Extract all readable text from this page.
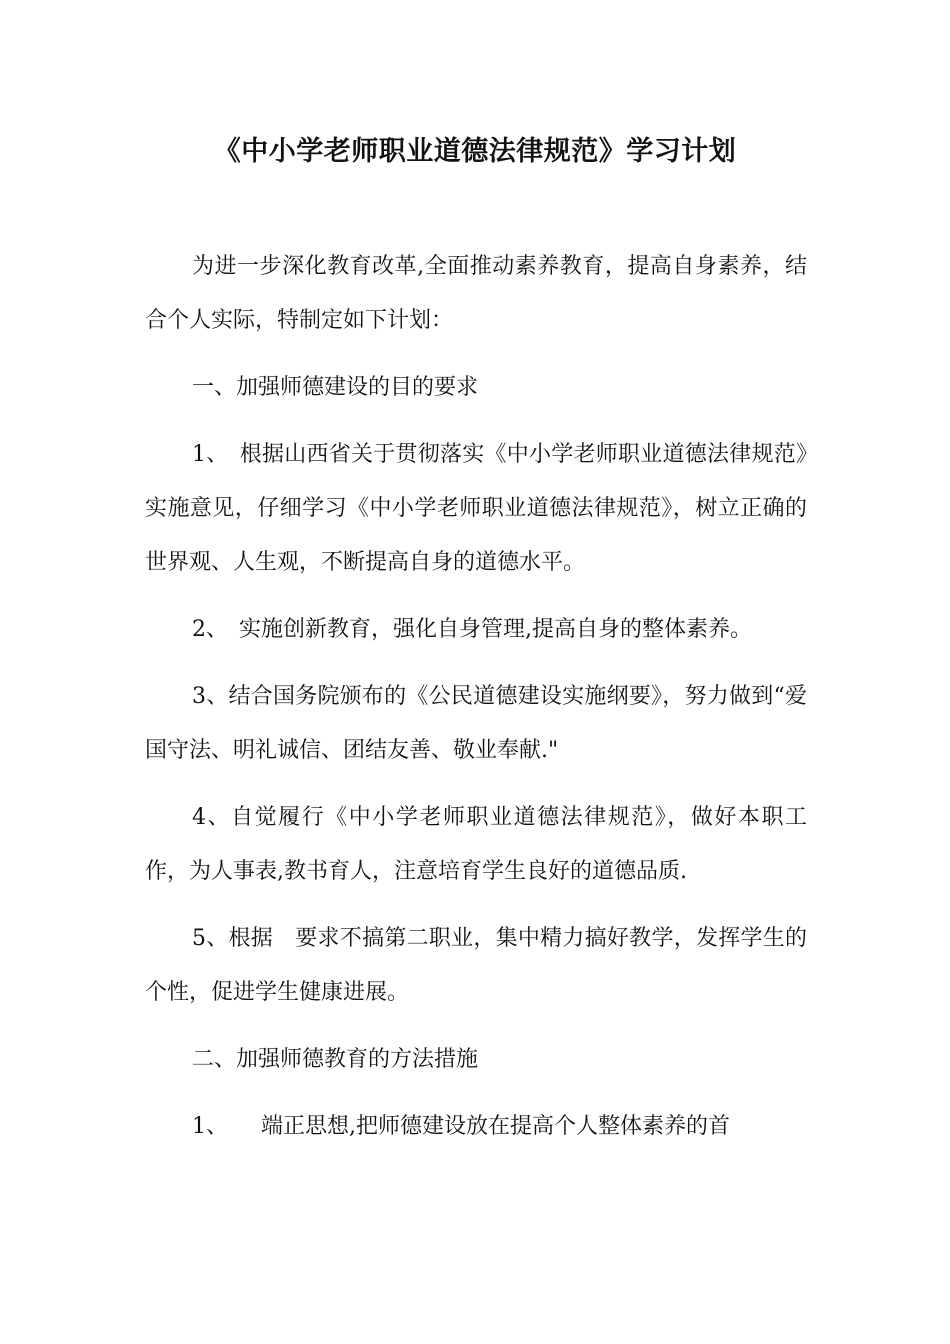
《中小学老师职业道德法律规范》学习计划

为进一步深化教育改革,全面推动素养教育，提高自身素养，结合个人实际，特制定如下计划：

一、加强师德建设的目的要求

1、　根据山西省关于贯彻落实《中小学老师职业道德法律规范》实施意见，仔细学习《中小学老师职业道德法律规范》，树立正确的世界观、人生观，不断提高自身的道德水平。

2、　实施创新教育，强化自身管理,提高自身的整体素养。

3、结合国务院颁布的《公民道德建设实施纲要》，努力做到“爱国守法、明礼诚信、团结友善、敬业奉献."

4、自觉履行《中小学老师职业道德法律规范》，做好本职工作，为人事表,教书育人，注意培育学生良好的道德品质.

5、根据　要求不搞第二职业，集中精力搞好教学，发挥学生的个性，促进学生健康进展。

二、加强师德教育的方法措施

1、　　端正思想,把师德建设放在提高个人整体素养的首
